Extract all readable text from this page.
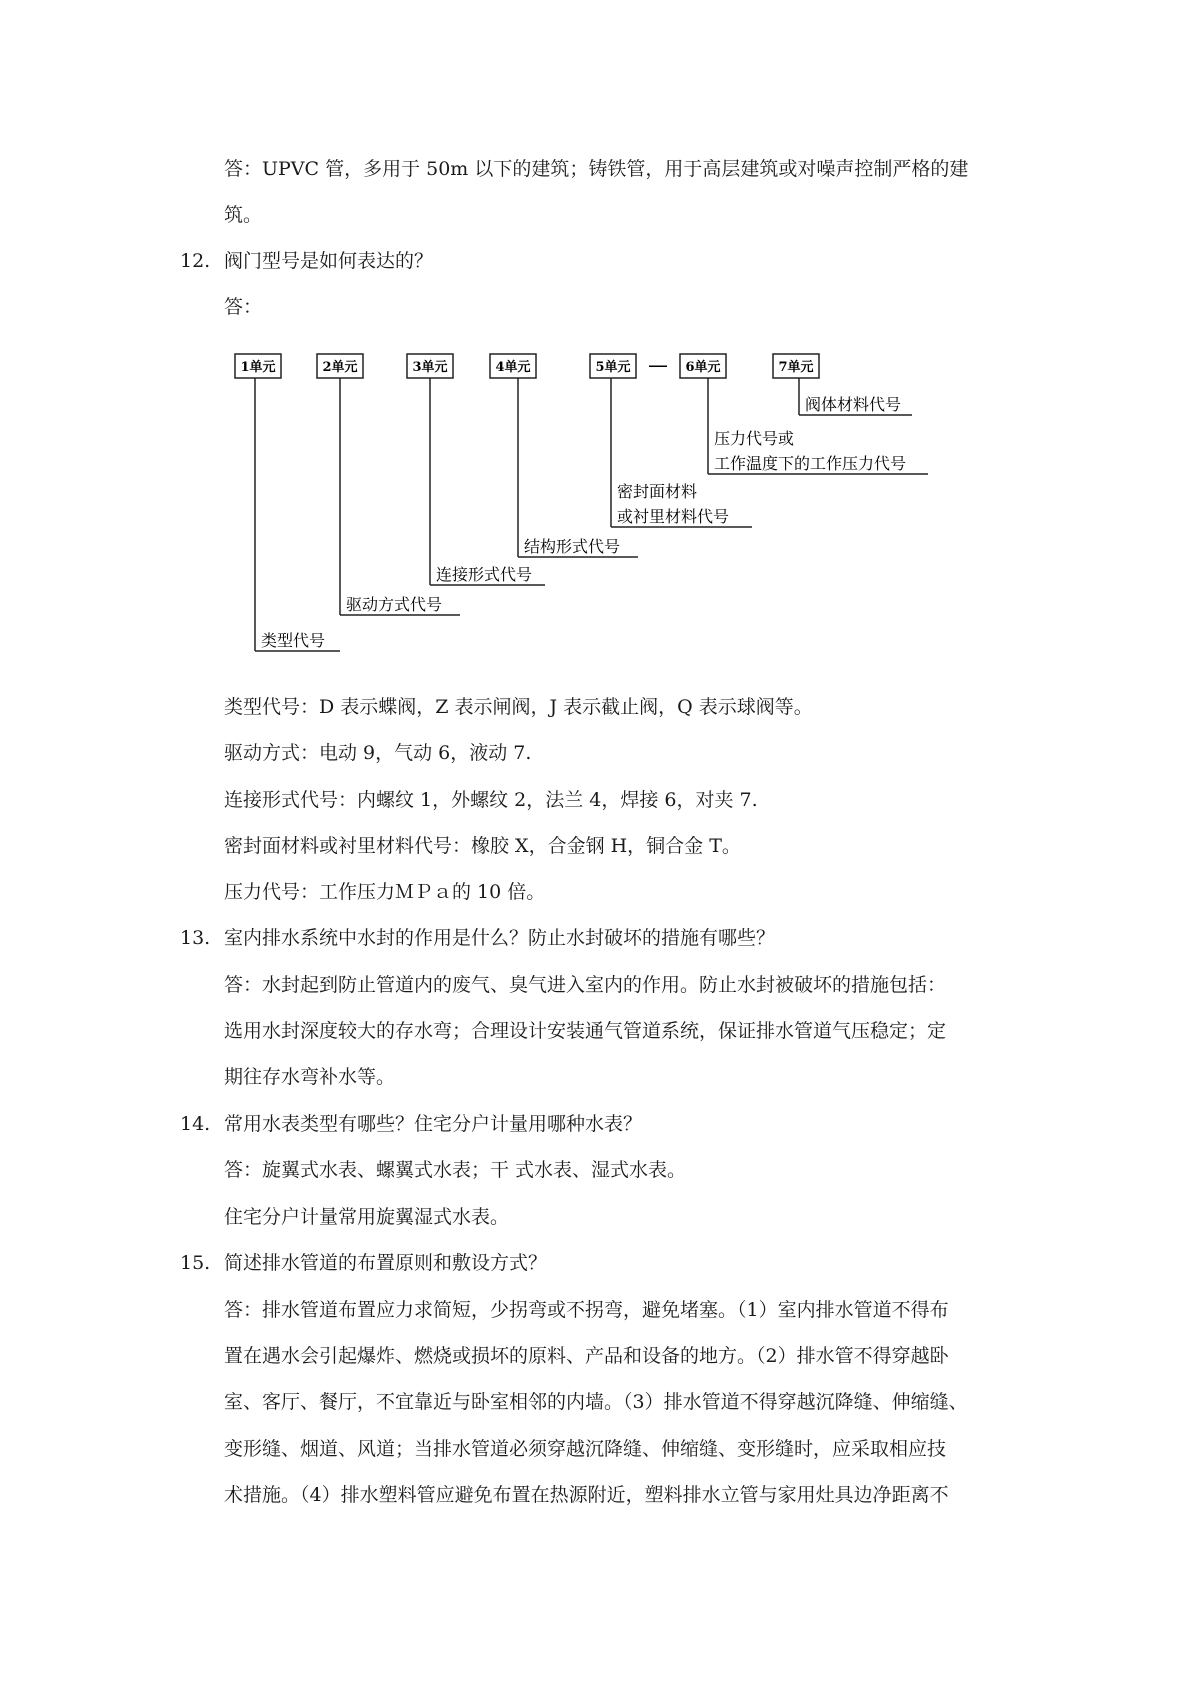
答：UPVC 管，多用于 50m 以下的建筑；铸铁管，用于高层建筑或对噪声控制严格的建
筑。
12. 阀门型号是如何表达的？
答：
1单元	2单元	3单元	4单元	5单元	6单元	7单元
—
类型代号
驱动方式代号
连接形式代号
结构形式代号
密封面材料
或衬里材料代号
压力代号或
工作温度下的工作压力代号
阀体材料代号
类型代号：D 表示蝶阀，Z 表示闸阀，J 表示截止阀，Q 表示球阀等。
驱动方式：电动 9，气动 6，液动 7.
连接形式代号：内螺纹 1，外螺纹 2，法兰 4，焊接 6，对夹 7.
密封面材料或衬里材料代号：橡胶 X，合金钢 H，铜合金 T。
压力代号：工作压力ＭＰａ的 10 倍。
13. 室内排水系统中水封的作用是什么？防止水封破坏的措施有哪些？
答：水封起到防止管道内的废气、臭气进入室内的作用。防止水封被破坏的措施包括：
选用水封深度较大的存水弯；合理设计安装通气管道系统，保证排水管道气压稳定；定
期往存水弯补水等。
14. 常用水表类型有哪些？住宅分户计量用哪种水表？
答：旋翼式水表、螺翼式水表；干 式水表、湿式水表。
住宅分户计量常用旋翼湿式水表。
15. 简述排水管道的布置原则和敷设方式？
答：排水管道布置应力求简短，少拐弯或不拐弯，避免堵塞。（1）室内排水管道不得布
置在遇水会引起爆炸、燃烧或损坏的原料、产品和设备的地方。（2）排水管不得穿越卧
室、客厅、餐厅，不宜靠近与卧室相邻的内墙。（3）排水管道不得穿越沉降缝、伸缩缝、
变形缝、烟道、风道；当排水管道必须穿越沉降缝、伸缩缝、变形缝时，应采取相应技
术措施。（4）排水塑料管应避免布置在热源附近，塑料排水立管与家用灶具边净距离不
